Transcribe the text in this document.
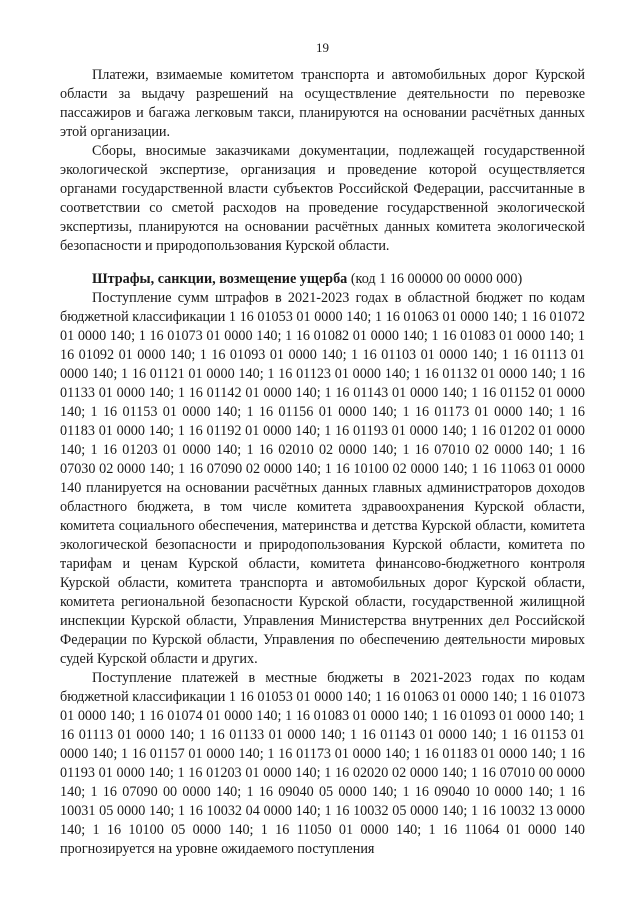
19

Платежи, взимаемые комитетом транспорта и автомобильных дорог Курской области за выдачу разрешений на осуществление деятельности по перевозке пассажиров и багажа легковым такси, планируются на основании расчётных данных этой организации.

Сборы, вносимые заказчиками документации, подлежащей государственной экологической экспертизе, организация и проведение которой осуществляется органами государственной власти субъектов Российской Федерации, рассчитанные в соответствии со сметой расходов на проведение государственной экологической экспертизы, планируются на основании расчётных данных комитета экологической безопасности и природопользования Курской области.

Штрафы, санкции, возмещение ущерба (код 1 16 00000 00 0000 000)

Поступление сумм штрафов в 2021-2023 годах в областной бюджет по кодам бюджетной классификации 1 16 01053 01 0000 140; 1 16 01063 01 0000 140; 1 16 01072 01 0000 140; 1 16 01073 01 0000 140; 1 16 01082 01 0000 140; 1 16 01083 01 0000 140; 1 16 01092 01 0000 140; 1 16 01093 01 0000 140; 1 16 01103 01 0000 140; 1 16 01113 01 0000 140; 1 16 01121 01 0000 140; 1 16 01123 01 0000 140; 1 16 01132 01 0000 140; 1 16 01133 01 0000 140; 1 16 01142 01 0000 140; 1 16 01143 01 0000 140; 1 16 01152 01 0000 140; 1 16 01153 01 0000 140; 1 16 01156 01 0000 140; 1 16 01173 01 0000 140; 1 16 01183 01 0000 140; 1 16 01192 01 0000 140; 1 16 01193 01 0000 140; 1 16 01202 01 0000 140; 1 16 01203 01 0000 140; 1 16 02010 02 0000 140; 1 16 07010 02 0000 140; 1 16 07030 02 0000 140; 1 16 07090 02 0000 140; 1 16 10100 02 0000 140; 1 16 11063 01 0000 140 планируется на основании расчётных данных главных администраторов доходов областного бюджета, в том числе комитета здравоохранения Курской области, комитета социального обеспечения, материнства и детства Курской области, комитета экологической безопасности и природопользования Курской области, комитета по тарифам и ценам Курской области, комитета финансово-бюджетного контроля Курской области, комитета транспорта и автомобильных дорог Курской области, комитета региональной безопасности Курской области, государственной жилищной инспекции Курской области, Управления Министерства внутренних дел Российской Федерации по Курской области, Управления по обеспечению деятельности мировых судей Курской области и других.

Поступление платежей в местные бюджеты в 2021-2023 годах по кодам бюджетной классификации 1 16 01053 01 0000 140; 1 16 01063 01 0000 140; 1 16 01073 01 0000 140; 1 16 01074 01 0000 140; 1 16 01083 01 0000 140; 1 16 01093 01 0000 140; 1 16 01113 01 0000 140; 1 16 01133 01 0000 140; 1 16 01143 01 0000 140; 1 16 01153 01 0000 140; 1 16 01157 01 0000 140; 1 16 01173 01 0000 140; 1 16 01183 01 0000 140; 1 16 01193 01 0000 140; 1 16 01203 01 0000 140; 1 16 02020 02 0000 140; 1 16 07010 00 0000 140; 1 16 07090 00 0000 140; 1 16 09040 05 0000 140; 1 16 09040 10 0000 140; 1 16 10031 05 0000 140; 1 16 10032 04 0000 140; 1 16 10032 05 0000 140; 1 16 10032 13 0000 140; 1 16 10100 05 0000 140; 1 16 11050 01 0000 140; 1 16 11064 01 0000 140 прогнозируется на уровне ожидаемого поступления
